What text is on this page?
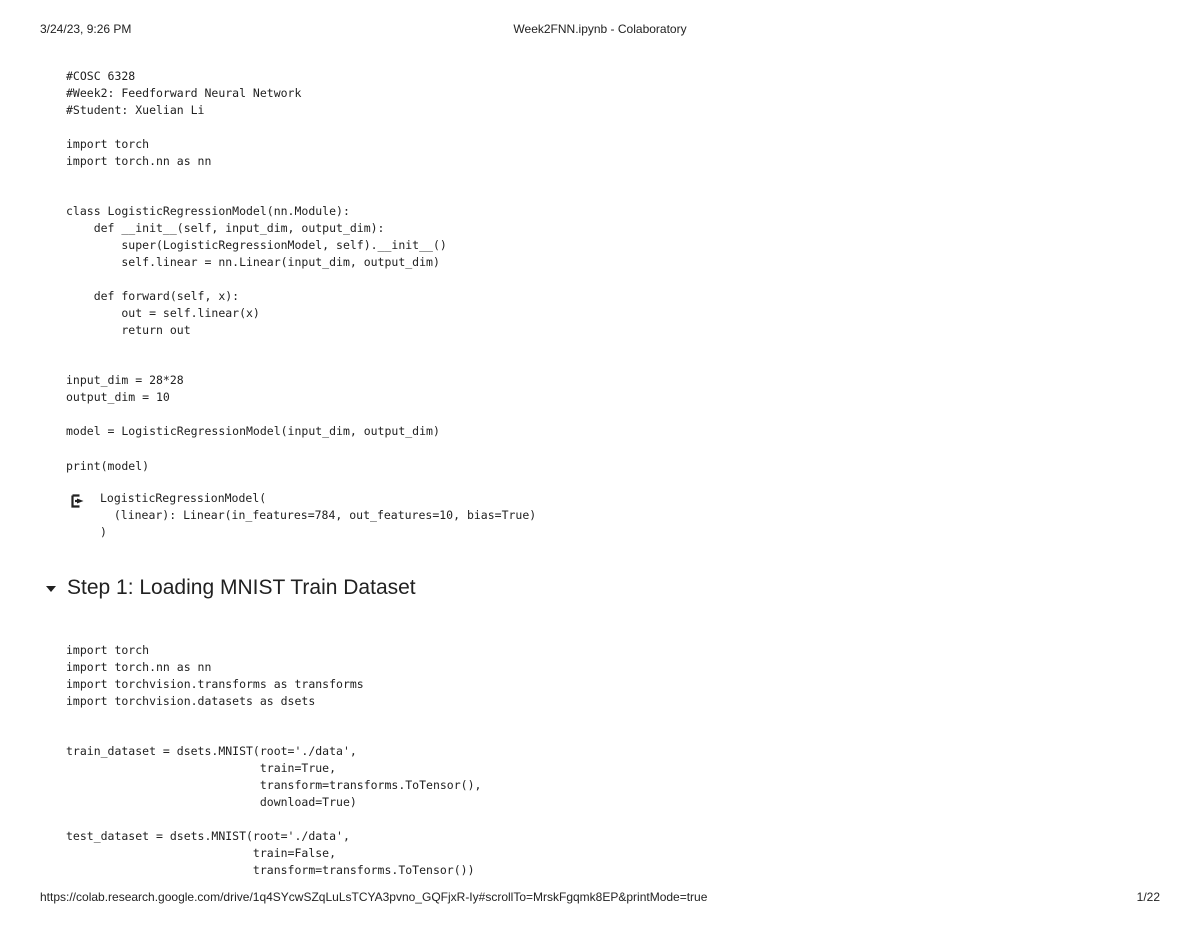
3/24/23, 9:26 PM	Week2FNN.ipynb - Colaboratory
#COSC 6328
#Week2: Feedforward Neural Network
#Student: Xuelian Li

import torch
import torch.nn as nn

class LogisticRegressionModel(nn.Module):
def __init__(self, input_dim, output_dim):
super(LogisticRegressionModel, self).__init__()
self.linear = nn.Linear(input_dim, output_dim)

def forward(self, x):
out = self.linear(x)
return out

input_dim = 28*28
output_dim = 10

model = LogisticRegressionModel(input_dim, output_dim)
print(model)
LogisticRegressionModel(
(linear): Linear(in_features=784, out_features=10, bias=True)
)
Step 1: Loading MNIST Train Dataset
import torch
import torch.nn as nn
import torchvision.transforms as transforms
import torchvision.datasets as dsets

train_dataset = dsets.MNIST(root='./data',
train=True,
transform=transforms.ToTensor(),
download=True)

test_dataset = dsets.MNIST(root='./data',
train=False,
transform=transforms.ToTensor())
https://colab.research.google.com/drive/1q4SYcwSZqLuLsTCYA3pvno_GQFjxR-Iy#scrollTo=MrskFgqmk8EP&printMode=true	1/22
